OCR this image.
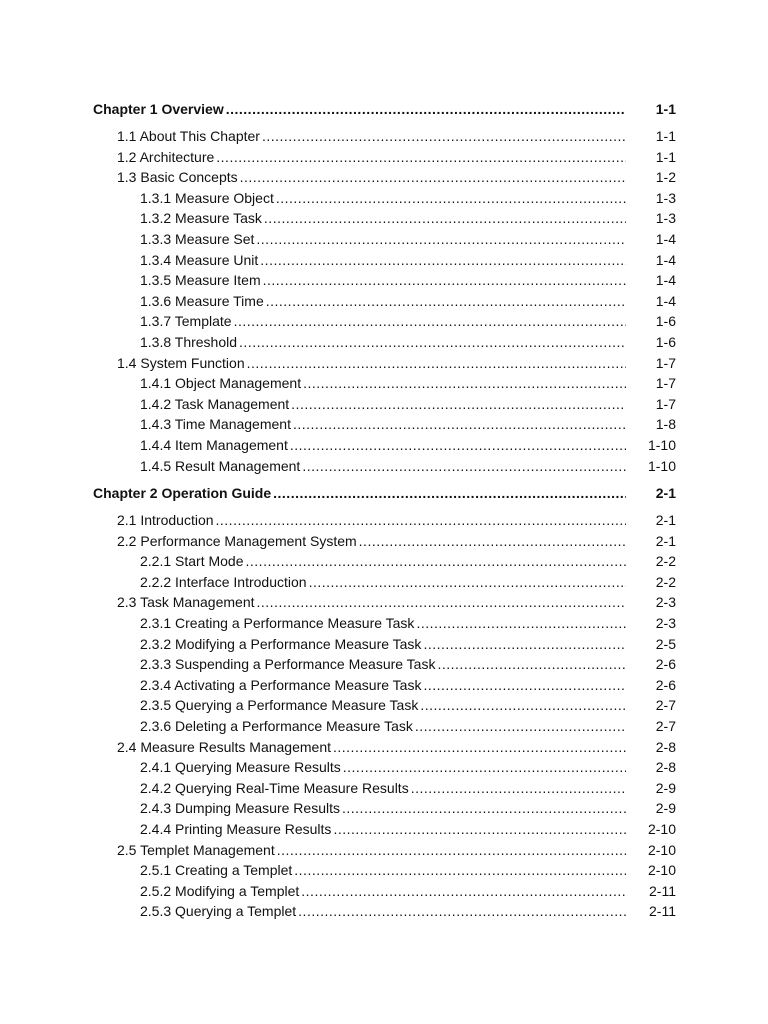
Chapter 1 Overview .....	1-1
1.1 About This Chapter .....	1-1
1.2 Architecture .....	1-1
1.3 Basic Concepts .....	1-2
1.3.1 Measure Object .....	1-3
1.3.2 Measure Task .....	1-3
1.3.3 Measure Set .....	1-4
1.3.4 Measure Unit .....	1-4
1.3.5 Measure Item .....	1-4
1.3.6 Measure Time .....	1-4
1.3.7 Template .....	1-6
1.3.8 Threshold .....	1-6
1.4 System Function .....	1-7
1.4.1 Object Management .....	1-7
1.4.2 Task Management .....	1-7
1.4.3 Time Management .....	1-8
1.4.4 Item Management .....	1-10
1.4.5 Result Management .....	1-10
Chapter 2 Operation Guide .....	2-1
2.1 Introduction .....	2-1
2.2 Performance Management System .....	2-1
2.2.1 Start Mode .....	2-2
2.2.2 Interface Introduction .....	2-2
2.3 Task Management .....	2-3
2.3.1 Creating a Performance Measure Task .....	2-3
2.3.2 Modifying a Performance Measure Task .....	2-5
2.3.3 Suspending a Performance Measure Task .....	2-6
2.3.4 Activating a Performance Measure Task .....	2-6
2.3.5 Querying a Performance Measure Task .....	2-7
2.3.6 Deleting a Performance Measure Task .....	2-7
2.4 Measure Results Management .....	2-8
2.4.1 Querying Measure Results .....	2-8
2.4.2 Querying Real-Time Measure Results .....	2-9
2.4.3 Dumping Measure Results .....	2-9
2.4.4 Printing Measure Results .....	2-10
2.5 Templet Management .....	2-10
2.5.1 Creating a Templet .....	2-10
2.5.2 Modifying a Templet .....	2-11
2.5.3 Querying a Templet .....	2-11
